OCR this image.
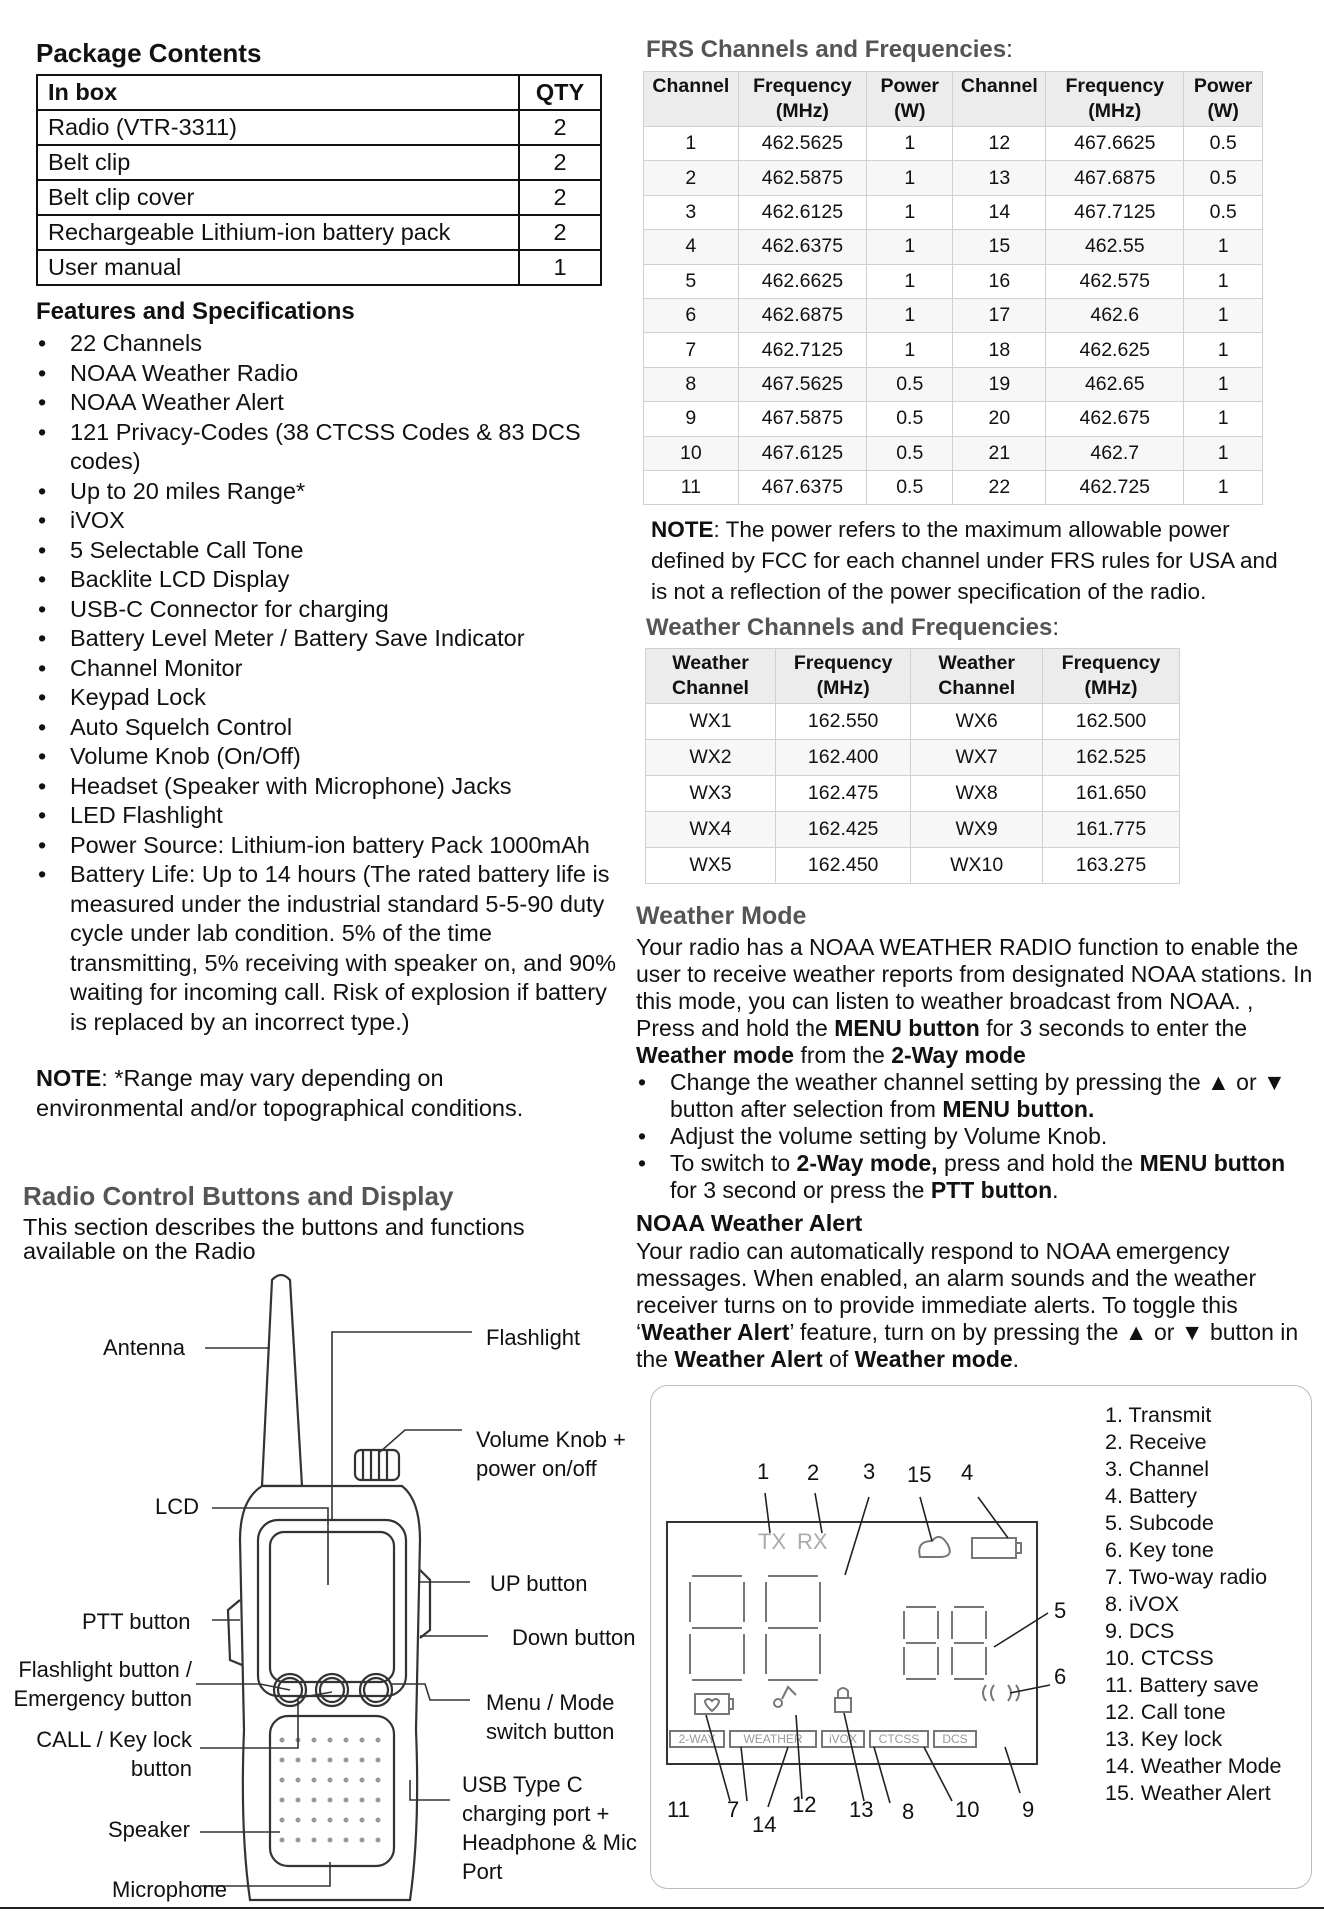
Package Contents
In box	QTY
Radio (VTR-3311)	2
Belt clip	2
Belt clip cover	2
Rechargeable Lithium-ion battery pack	2
User manual	1
Features and Specifications
• 22 Channels
• NOAA Weather Radio
• NOAA Weather Alert
• 121 Privacy-Codes (38 CTCSS Codes & 83 DCS codes)
• Up to 20 miles Range*
• iVOX
• 5 Selectable Call Tone
• Backlite LCD Display
• USB-C Connector for charging
• Battery Level Meter / Battery Save Indicator
• Channel Monitor
• Keypad Lock
• Auto Squelch Control
• Volume Knob (On/Off)
• Headset (Speaker with Microphone) Jacks
• LED Flashlight
• Power Source: Lithium-ion battery Pack 1000mAh
• Battery Life: Up to 14 hours (The rated battery life is measured under the industrial standard 5-5-90 duty cycle under lab condition. 5% of the time transmitting, 5% receiving with speaker on, and 90% waiting for incoming call. Risk of explosion if battery is replaced by an incorrect type.)
NOTE: *Range may vary depending on environmental and/or topographical conditions.
Radio Control Buttons and Display
This section describes the buttons and functions available on the Radio
Antenna	Flashlight
Volume Knob +
power on/off
LCD
UP button
PTT button
Down button
Flashlight button /
Emergency button	Menu / Mode
switch button
CALL / Key lock
button
USB Type C
charging port +
Headphone & Mic
Port
Speaker
Microphone
FRS Channels and Frequencies:
Channel	Frequency (MHz)	Power (W)	Channel	Frequency (MHz)	Power (W)
1	462.5625	1	12	467.6625	0.5
2	462.5875	1	13	467.6875	0.5
3	462.6125	1	14	467.7125	0.5
4	462.6375	1	15	462.55	1
5	462.6625	1	16	462.575	1
6	462.6875	1	17	462.6	1
7	462.7125	1	18	462.625	1
8	467.5625	0.5	19	462.65	1
9	467.5875	0.5	20	462.675	1
10	467.6125	0.5	21	462.7	1
11	467.6375	0.5	22	462.725	1
NOTE: The power refers to the maximum allowable power defined by FCC for each channel under FRS rules for USA and is not a reflection of the power specification of the radio.
Weather Channels and Frequencies:
Weather Channel	Frequency (MHz)	Weather Channel	Frequency (MHz)
WX1	162.550	WX6	162.500
WX2	162.400	WX7	162.525
WX3	162.475	WX8	161.650
WX4	162.425	WX9	161.775
WX5	162.450	WX10	163.275
Weather Mode
Your radio has a NOAA WEATHER RADIO function to enable the user to receive weather reports from designated NOAA stations. In this mode, you can listen to weather broadcast from NOAA. , Press and hold the MENU button for 3 seconds to enter the Weather mode from the 2-Way mode
• Change the weather channel setting by pressing the ▲ or ▼ button after selection from MENU button.
• Adjust the volume setting by Volume Knob.
• To switch to 2-Way mode, press and hold the MENU button for 3 second or press the PTT button.
NOAA Weather Alert
Your radio can automatically respond to NOAA emergency messages. When enabled, an alarm sounds and the weather receiver turns on to provide immediate alerts. To toggle this ‘Weather Alert’ feature, turn on by pressing the ▲ or ▼ button in the Weather Alert of Weather mode.
2-WAY WEATHER iVOX CTCSS DCS
TX RX
1 2 3 15 4
5
6
11 7
14
12 13 8 10 9
1. Transmit
2. Receive
3. Channel
4. Battery
5. Subcode
6. Key tone
7. Two-way radio
8. iVOX
9. DCS
10. CTCSS
11. Battery save
12. Call tone
13. Key lock
14. Weather Mode
15. Weather Alert
